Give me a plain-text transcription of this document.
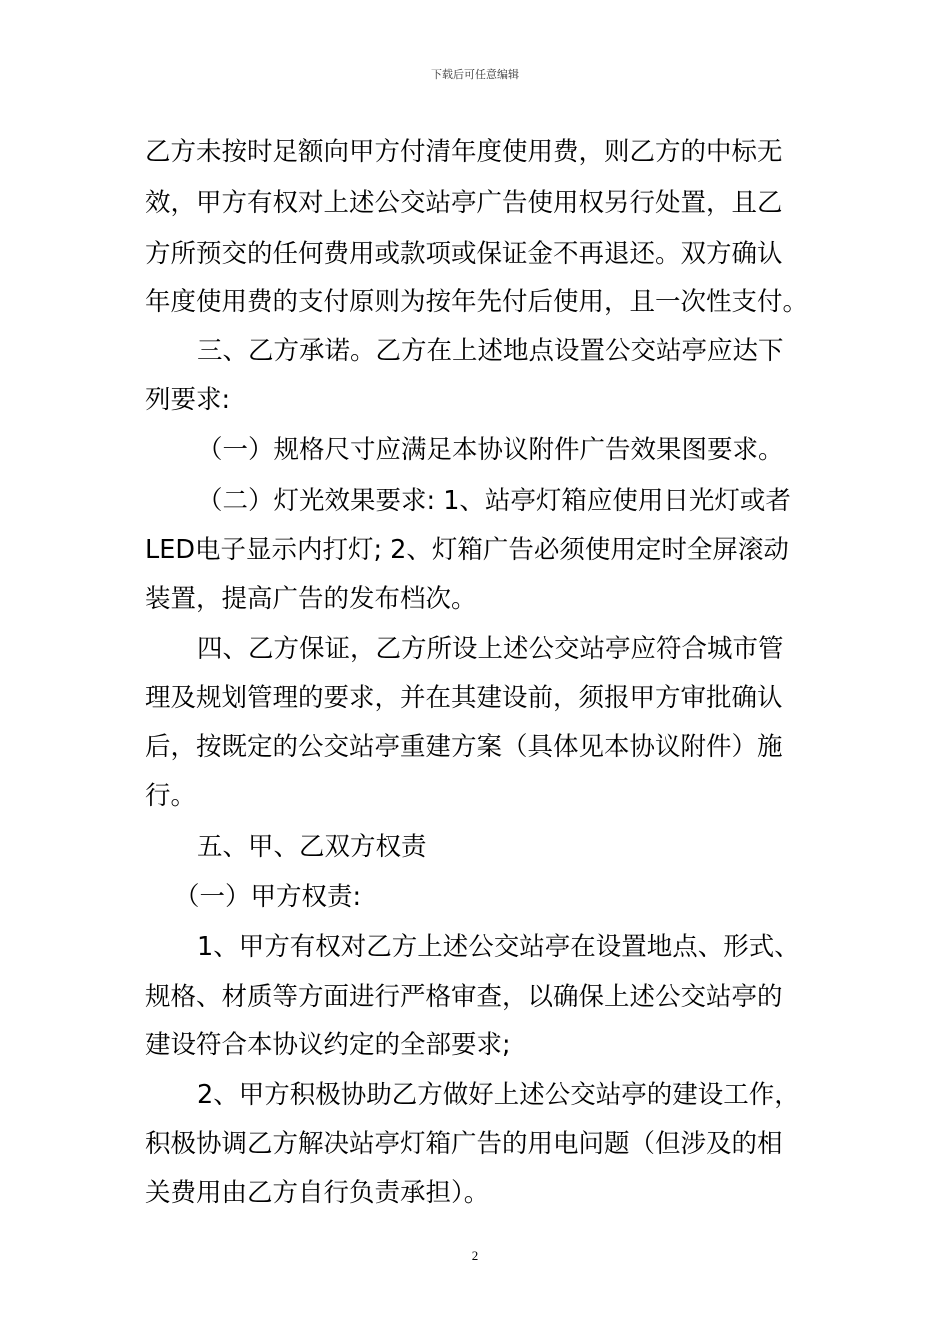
下载后可任意编辑
乙方未按时足额向甲方付清年度使用费，则乙方的中标无
效，甲方有权对上述公交站亭广告使用权另行处置，且乙
方所预交的任何费用或款项或保证金不再退还。双方确认
年度使用费的支付原则为按年先付后使用，且一次性支付。
三、乙方承诺。乙方在上述地点设置公交站亭应达下
列要求:
（一）规格尺寸应满足本协议附件广告效果图要求。
（二）灯光效果要求: 1、站亭灯箱应使用日光灯或者
LED电子显示内打灯; 2、灯箱广告必须使用定时全屏滚动
装置，提高广告的发布档次。
四、乙方保证，乙方所设上述公交站亭应符合城市管
理及规划管理的要求，并在其建设前，须报甲方审批确认
后，按既定的公交站亭重建方案（具体见本协议附件）施
行。
五、甲、乙双方权责
（一）甲方权责:
1、甲方有权对乙方上述公交站亭在设置地点、形式、
规格、材质等方面进行严格审查，以确保上述公交站亭的
建设符合本协议约定的全部要求;
2、甲方积极协助乙方做好上述公交站亭的建设工作，
积极协调乙方解决站亭灯箱广告的用电问题（但涉及的相
关费用由乙方自行负责承担）。
2
